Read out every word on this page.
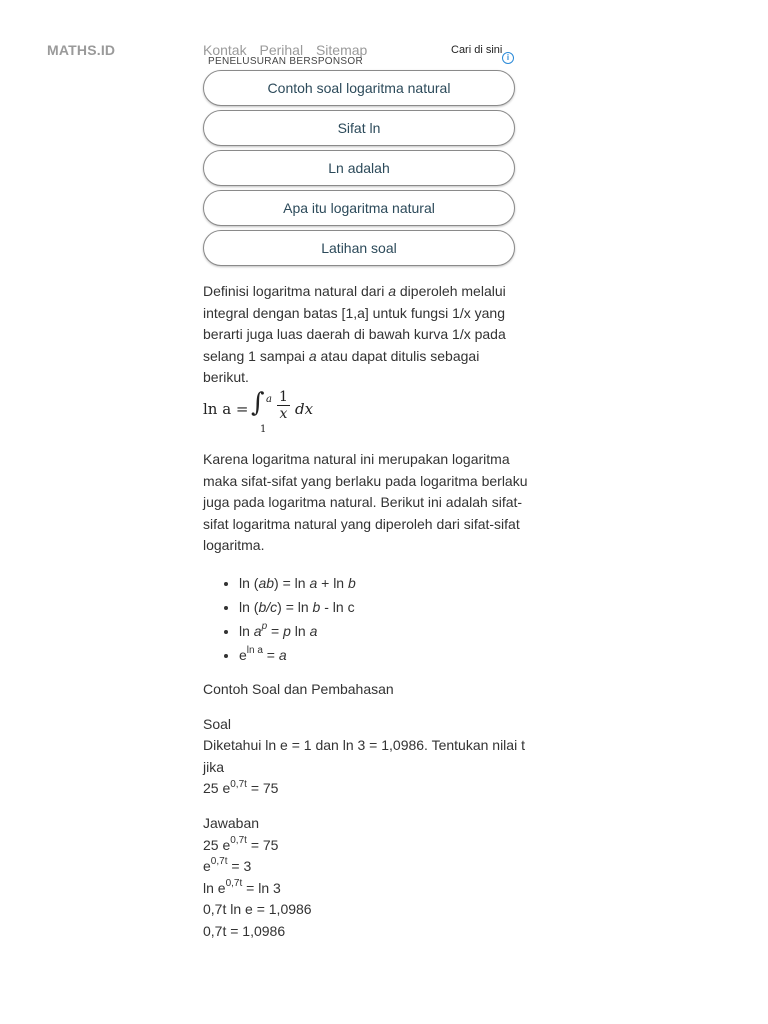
MATHS.ID	Kontak Perihal Sitemap	Cari di sini
PENELUSURAN BERSPONSOR	i
Contoh soal logaritma natural
Sifat ln
Ln adalah
Apa itu logaritma natural
Latihan soal

Definisi logaritma natural dari a diperoleh melalui integral dengan batas [1,a] untuk fungsi 1/x yang berarti juga luas daerah di bawah kurva 1/x pada selang 1 sampai a atau dapat ditulis sebagai berikut.

ln a = ∫ a
1
$\frac{1}{x}$ dx

Karena logaritma natural ini merupakan logaritma maka sifat-sifat yang berlaku pada logaritma berlaku juga pada logaritma natural. Berikut ini adalah sifat-sifat logaritma natural yang diperoleh dari sifat-sifat logaritma.

• ln (ab) = ln a + ln b
• ln (b/c) = ln b - ln c
• $\ln a^p = p$ ln a
• $e^{ln a} = a$

Contoh Soal dan Pembahasan

Soal

Diketahui ln e = 1 dan ln 3 = 1,0986. Tentukan nilai t jika

25 $e^{0,7t} = 75$

Jawaban

25 $e^{0,7t} = 75$

$e^{0,7t} = 3$

$\ln e^{0,7t} = \ln 3$

0,7t ln e = 1,0986

0,7t = 1,0986
